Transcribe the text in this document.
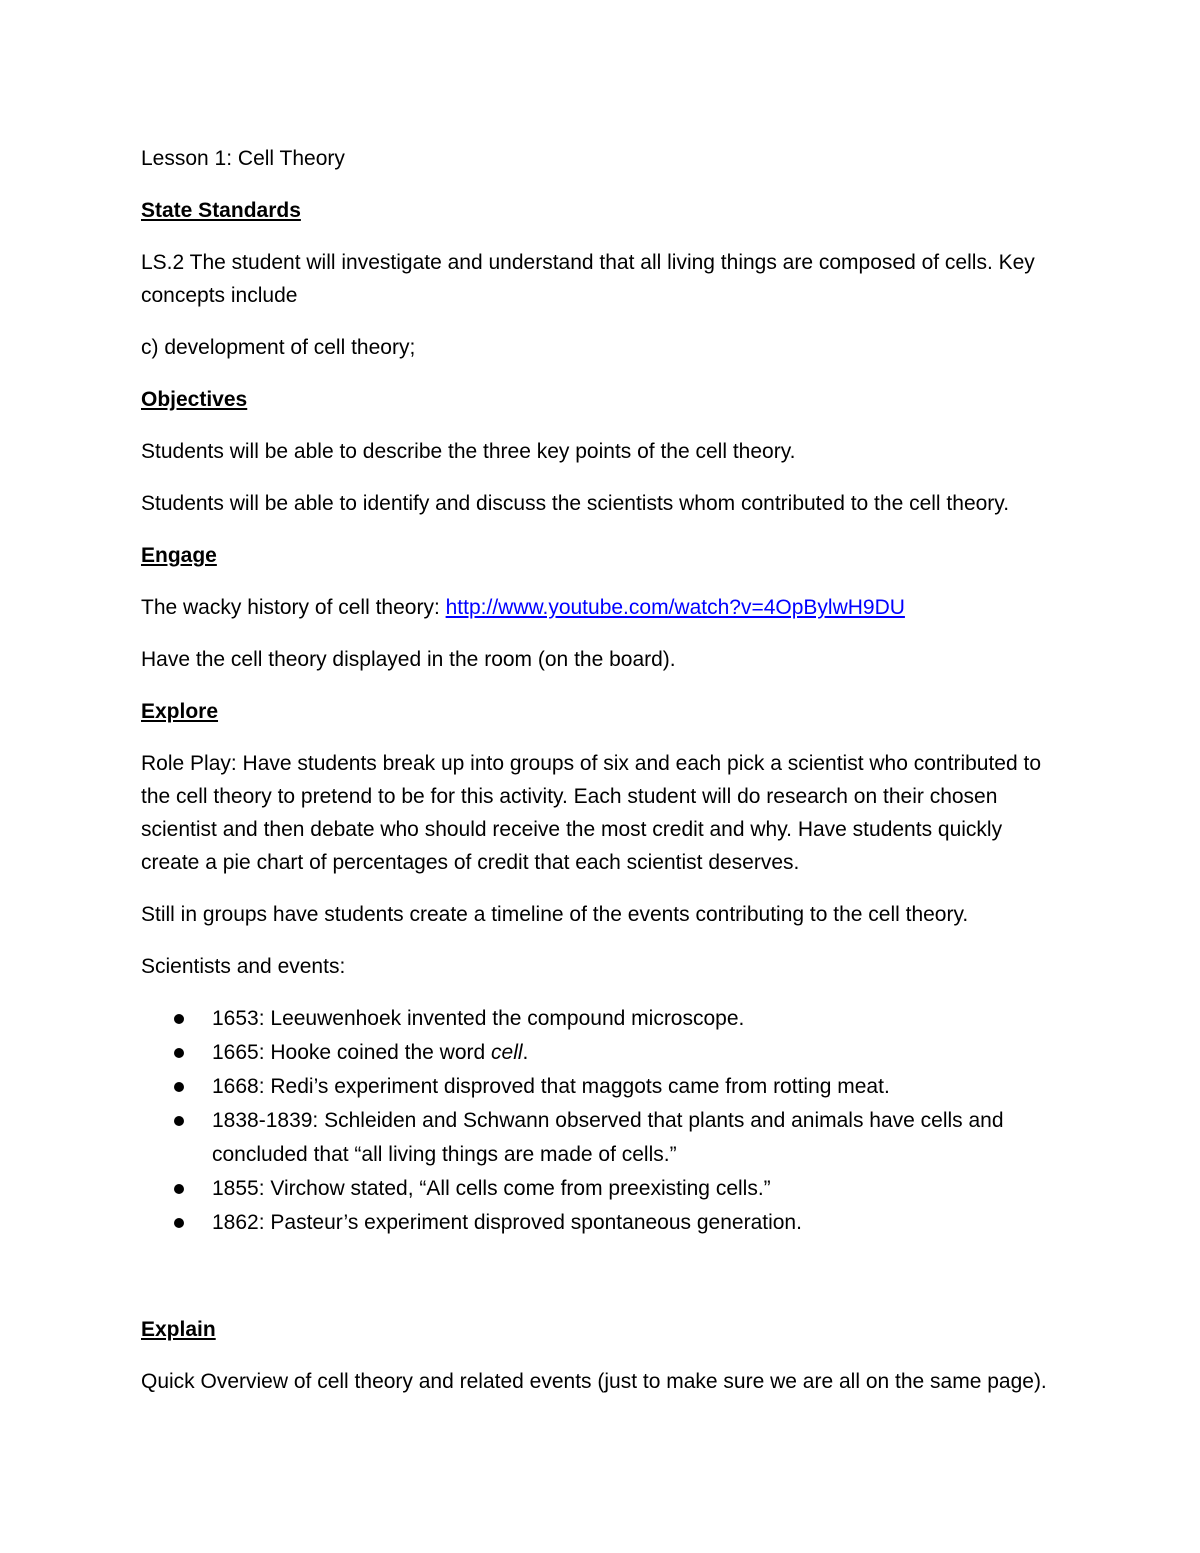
Lesson 1: Cell Theory

State Standards

LS.2 The student will investigate and understand that all living things are composed of cells. Key concepts include

c) development of cell theory;

Objectives

Students will be able to describe the three key points of the cell theory.

Students will be able to identify and discuss the scientists whom contributed to the cell theory.

Engage

The wacky history of cell theory: http://www.youtube.com/watch?v=4OpBylwH9DU

Have the cell theory displayed in the room (on the board).

Explore

Role Play: Have students break up into groups of six and each pick a scientist who contributed to the cell theory to pretend to be for this activity. Each student will do research on their chosen scientist and then debate who should receive the most credit and why. Have students quickly create a pie chart of percentages of credit that each scientist deserves.

Still in groups have students create a timeline of the events contributing to the cell theory.

Scientists and events:

1653: Leeuwenhoek invented the compound microscope.
1665: Hooke coined the word cell.
1668: Redi’s experiment disproved that maggots came from rotting meat.
1838-1839: Schleiden and Schwann observed that plants and animals have cells and concluded that “all living things are made of cells.”
1855: Virchow stated, “All cells come from preexisting cells.”
1862: Pasteur’s experiment disproved spontaneous generation.

Explain

Quick Overview of cell theory and related events (just to make sure we are all on the same page).
